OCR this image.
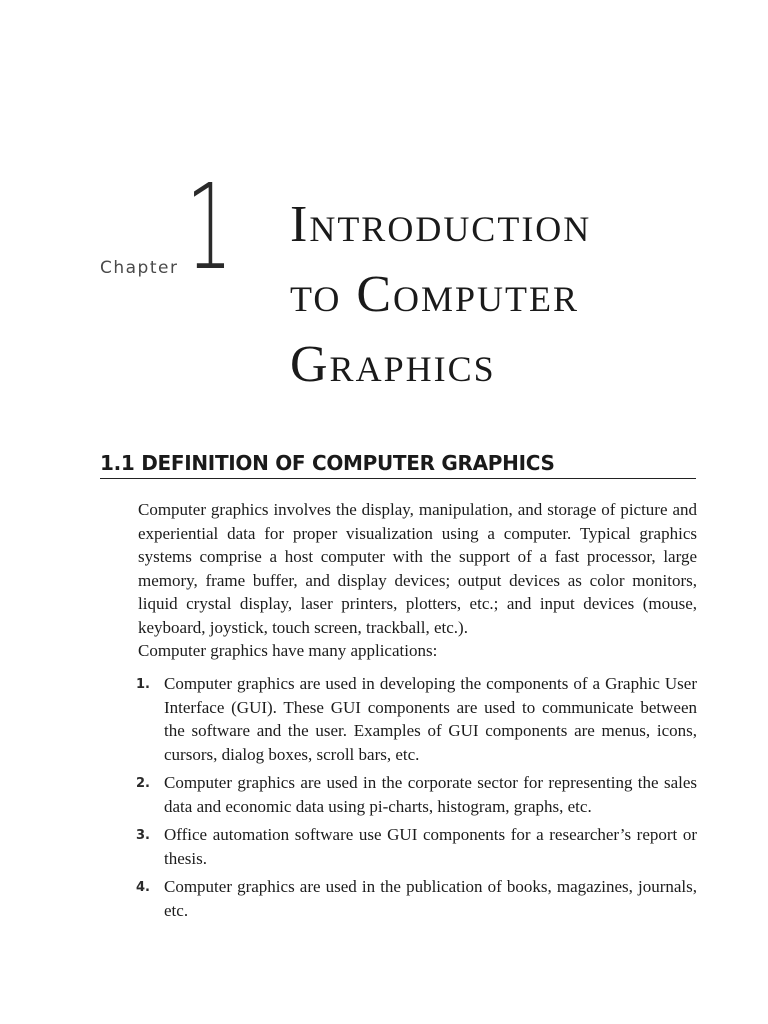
Chapter 1 Introduction
to Computer
Graphics
1.1 DEFINITION OF COMPUTER GRAPHICS

Computer graphics involves the display, manipulation, and storage of picture and experiential data for proper visualization using a computer. Typical graphics systems comprise a host computer with the support of a fast processor, large memory, frame buffer, and display devices; output devices as color monitors, liquid crystal display, laser printers, plotters, etc.; and input devices (mouse, keyboard, joystick, touch screen, trackball, etc.).

Computer graphics have many applications:

1. Computer graphics are used in developing the components of a Graphic User Interface (GUI). These GUI components are used to communicate between the software and the user. Examples of GUI components are menus, icons, cursors, dialog boxes, scroll bars, etc.
2. Computer graphics are used in the corporate sector for representing the sales data and economic data using pi-charts, histogram, graphs, etc.
3. Office automation software use GUI components for a researcher’s report or thesis.
4. Computer graphics are used in the publication of books, magazines, journals, etc.
